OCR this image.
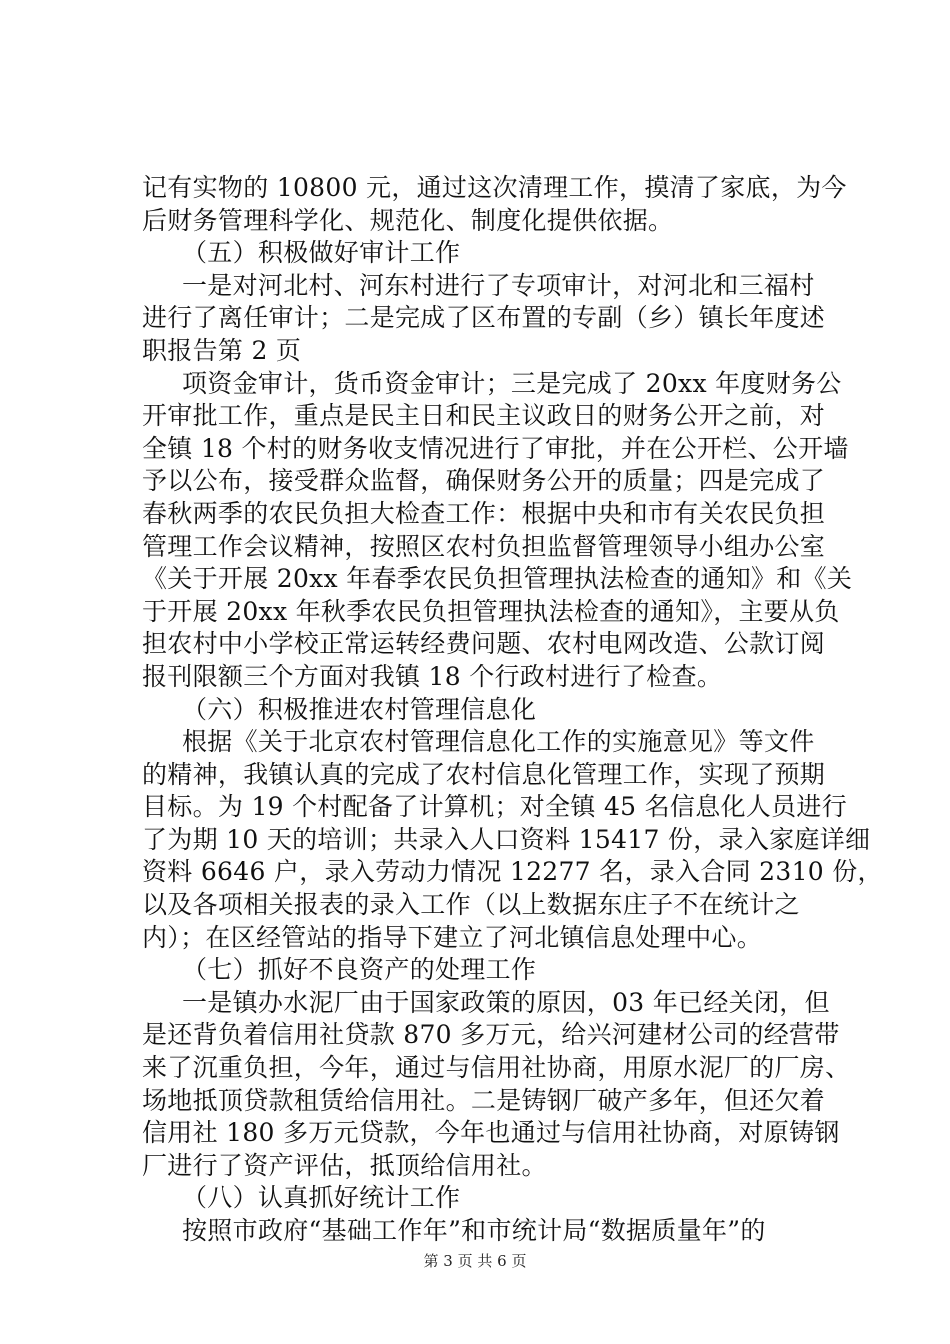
记有实物的 10800 元，通过这次清理工作，摸清了家底，为今
后财务管理科学化、规范化、制度化提供依据。
（五）积极做好审计工作
一是对河北村、河东村进行了专项审计，对河北和三福村
进行了离任审计；二是完成了区布置的专副（乡）镇长年度述
职报告第 2 页
项资金审计，货币资金审计；三是完成了 20xx 年度财务公
开审批工作，重点是民主日和民主议政日的财务公开之前，对
全镇 18 个村的财务收支情况进行了审批，并在公开栏、公开墙
予以公布，接受群众监督，确保财务公开的质量；四是完成了
春秋两季的农民负担大检查工作：根据中央和市有关农民负担
管理工作会议精神，按照区农村负担监督管理领导小组办公室
《关于开展 20xx 年春季农民负担管理执法检查的通知》和《关
于开展 20xx 年秋季农民负担管理执法检查的通知》，主要从负
担农村中小学校正常运转经费问题、农村电网改造、公款订阅
报刊限额三个方面对我镇 18 个行政村进行了检查。
（六）积极推进农村管理信息化
根据《关于北京农村管理信息化工作的实施意见》等文件
的精神，我镇认真的完成了农村信息化管理工作，实现了预期
目标。为 19 个村配备了计算机；对全镇 45 名信息化人员进行
了为期 10 天的培训；共录入人口资料 15417 份，录入家庭详细
资料 6646 户，录入劳动力情况 12277 名，录入合同 2310 份，
以及各项相关报表的录入工作（以上数据东庄子不在统计之
内）；在区经管站的指导下建立了河北镇信息处理中心。
（七）抓好不良资产的处理工作
一是镇办水泥厂由于国家政策的原因，03 年已经关闭，但
是还背负着信用社贷款 870 多万元，给兴河建材公司的经营带
来了沉重负担，今年，通过与信用社协商，用原水泥厂的厂房、
场地抵顶贷款租赁给信用社。二是铸钢厂破产多年，但还欠着
信用社 180 多万元贷款，今年也通过与信用社协商，对原铸钢
厂进行了资产评估，抵顶给信用社。
（八）认真抓好统计工作
按照市政府“基础工作年”和市统计局“数据质量年”的
第 3 页 共 6 页
